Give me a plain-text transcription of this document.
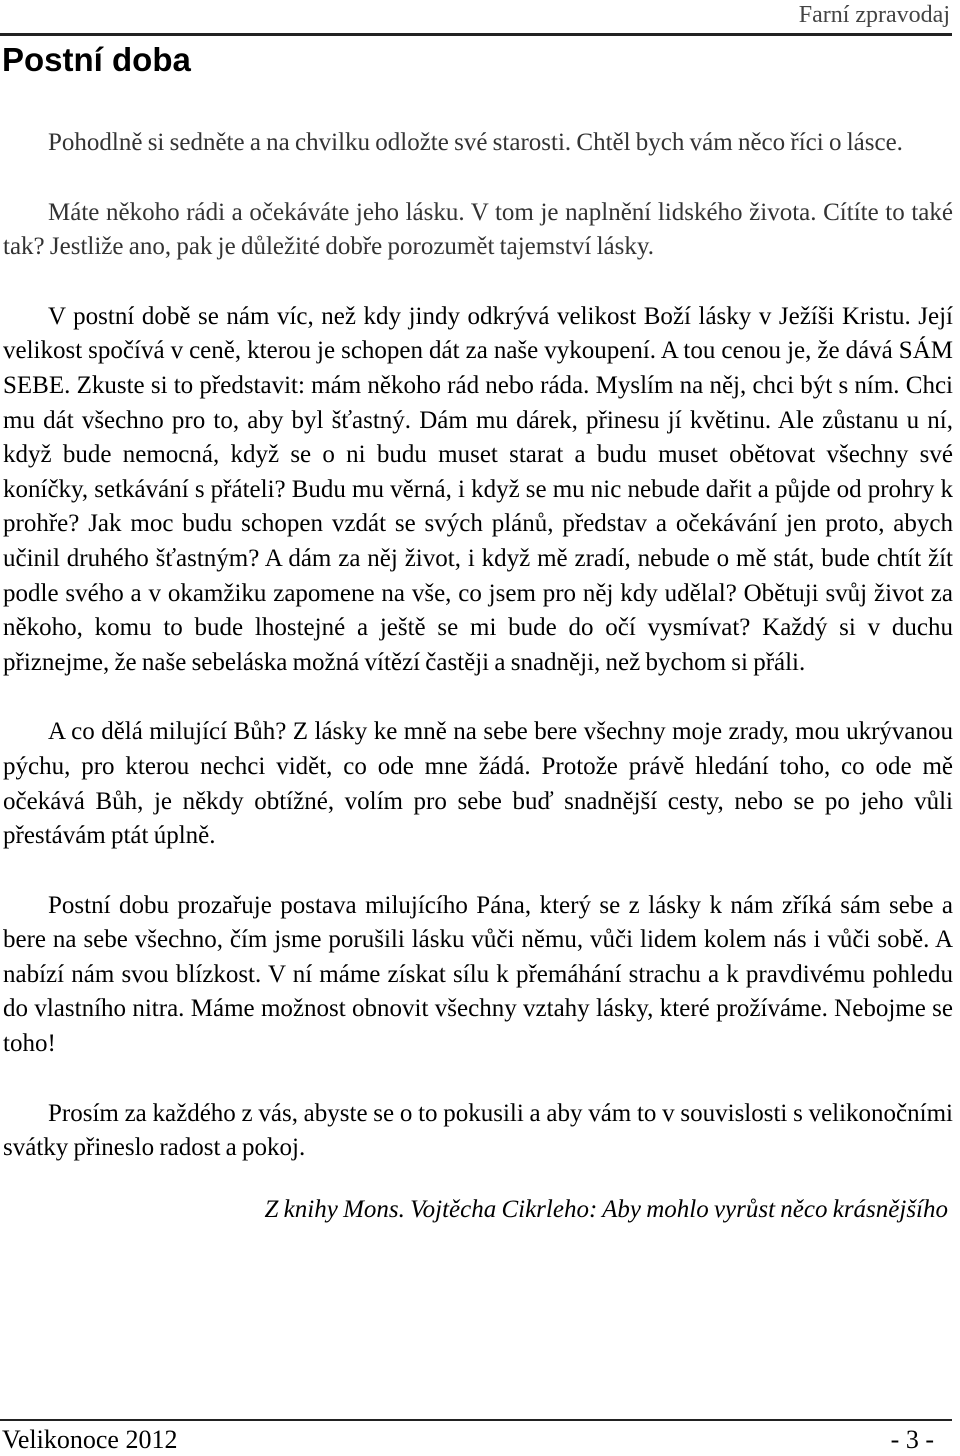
Farní zpravodaj
Postní doba

Pohodlně si sedněte a na chvilku odložte své starosti. Chtěl bych vám něco říci o lásce.

Máte někoho rádi a očekáváte jeho lásku. V tom je naplnění lidského života. Cítíte to také tak? Jestliže ano, pak je důležité dobře porozumět tajemství lásky.

V postní době se nám víc, než kdy jindy odkrývá velikost Boží lásky v Ježíši Kristu. Její velikost spočívá v ceně, kterou je schopen dát za naše vykoupení. A tou cenou je, že dává SÁM SEBE. Zkuste si to představit: mám někoho rád nebo ráda. Myslím na něj, chci být s ním. Chci mu dát všechno pro to, aby byl šťastný. Dám mu dárek, přinesu jí květinu. Ale zůstanu u ní, když bude nemocná, když se o ni budu muset starat a budu muset obětovat všechny své koníčky, setkávání s přáteli? Budu mu věrná, i když se mu nic nebude dařit a půjde od prohry k prohře? Jak moc budu schopen vzdát se svých plánů, představ a očekávání jen proto, abych učinil druhého šťastným? A dám za něj život, i když mě zradí, nebude o mě stát, bude chtít žít podle svého a v okamžiku zapomene na vše, co jsem pro něj kdy udělal? Obětuji svůj život za někoho, komu to bude lhostejné a ještě se mi bude do očí vysmívat? Každý si v duchu přiznejme, že naše sebeláska možná vítězí častěji a snadněji, než bychom si přáli.

A co dělá milující Bůh? Z lásky ke mně na sebe bere všechny moje zrady, mou ukrývanou pýchu, pro kterou nechci vidět, co ode mne žádá. Protože právě hledání toho, co ode mě očekává Bůh, je někdy obtížné, volím pro sebe buď snadnější cesty, nebo se po jeho vůli přestávám ptát úplně.

Postní dobu prozařuje postava milujícího Pána, který se z lásky k nám zříká sám sebe a bere na sebe všechno, čím jsme porušili lásku vůči němu, vůči lidem kolem nás i vůči sobě. A nabízí nám svou blízkost. V ní máme získat sílu k přemáhání strachu a k pravdivému pohledu do vlastního nitra. Máme možnost obnovit všechny vztahy lásky, které prožíváme. Nebojme se toho!

Prosím za každého z vás, abyste se o to pokusili a aby vám to v souvislosti s velikonočními svátky přineslo radost a pokoj.

Z knihy Mons. Vojtěcha Cikrleho: Aby mohlo vyrůst něco krásnějšího

Velikonoce 2012	- 3 -
